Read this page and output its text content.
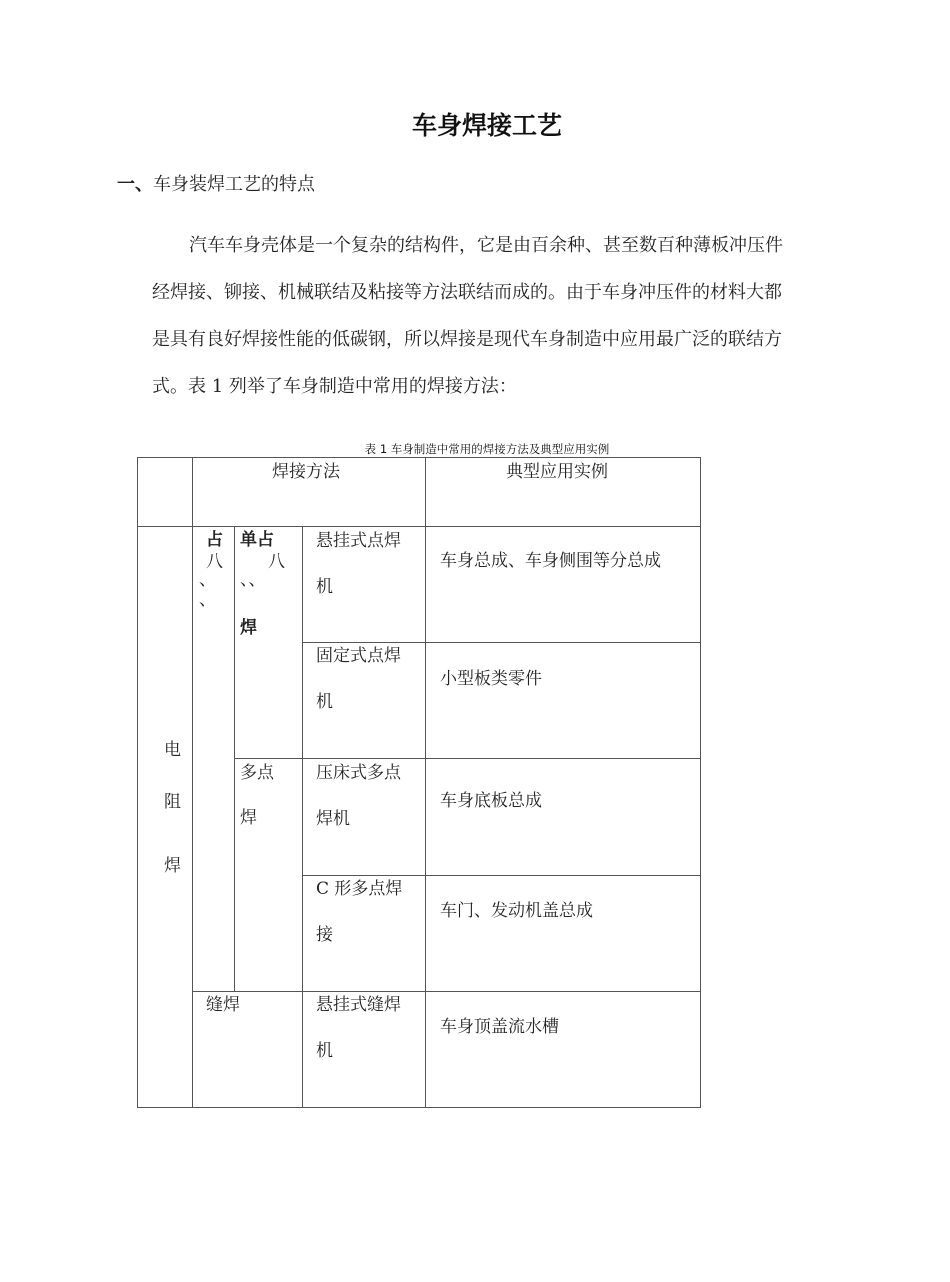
车身焊接工艺
一、车身装焊工艺的特点
汽车车身壳体是一个复杂的结构件，它是由百余种、甚至数百种薄板冲压件
经焊接、铆接、机械联结及粘接等方法联结而成的。由于车身冲压件的材料大都
是具有良好焊接性能的低碳钢，所以焊接是现代车身制造中应用最广泛的联结方
式。表 1 列举了车身制造中常用的焊接方法：
表 1 车身制造中常用的焊接方法及典型应用实例
焊接方法	典型应用实例
电
阻
焊
占
八
、
、
单占
八
、、
焊
多点
焊
缝焊
悬挂式点焊
机
车身总成、车身侧围等分总成
固定式点焊
机
小型板类零件
压床式多点
焊机
车身底板总成
C 形多点焊
接
车门、发动机盖总成
悬挂式缝焊
机
车身顶盖流水槽
